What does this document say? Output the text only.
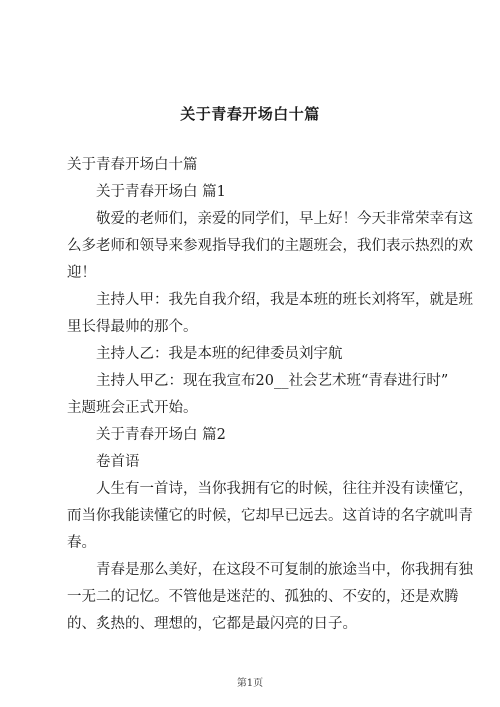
关于青春开场白十篇
关于青春开场白十篇
关于青春开场白 篇1
敬爱的老师们，亲爱的同学们，早上好！今天非常荣幸有这
么多老师和领导来参观指导我们的主题班会，我们表示热烈的欢
迎！
主持人甲：我先自我介绍，我是本班的班长刘将军，就是班
里长得最帅的那个。
主持人乙：我是本班的纪律委员刘宇航
主持人甲乙：现在我宣布20__社会艺术班“青春进行时”
主题班会正式开始。
关于青春开场白 篇2
卷首语
人生有一首诗，当你我拥有它的时候，往往并没有读懂它，
而当你我能读懂它的时候，它却早已远去。这首诗的名字就叫青
春。
青春是那么美好，在这段不可复制的旅途当中，你我拥有独
一无二的记忆。不管他是迷茫的、孤独的、不安的，还是欢腾
的、炙热的、理想的，它都是最闪亮的日子。
第1页
